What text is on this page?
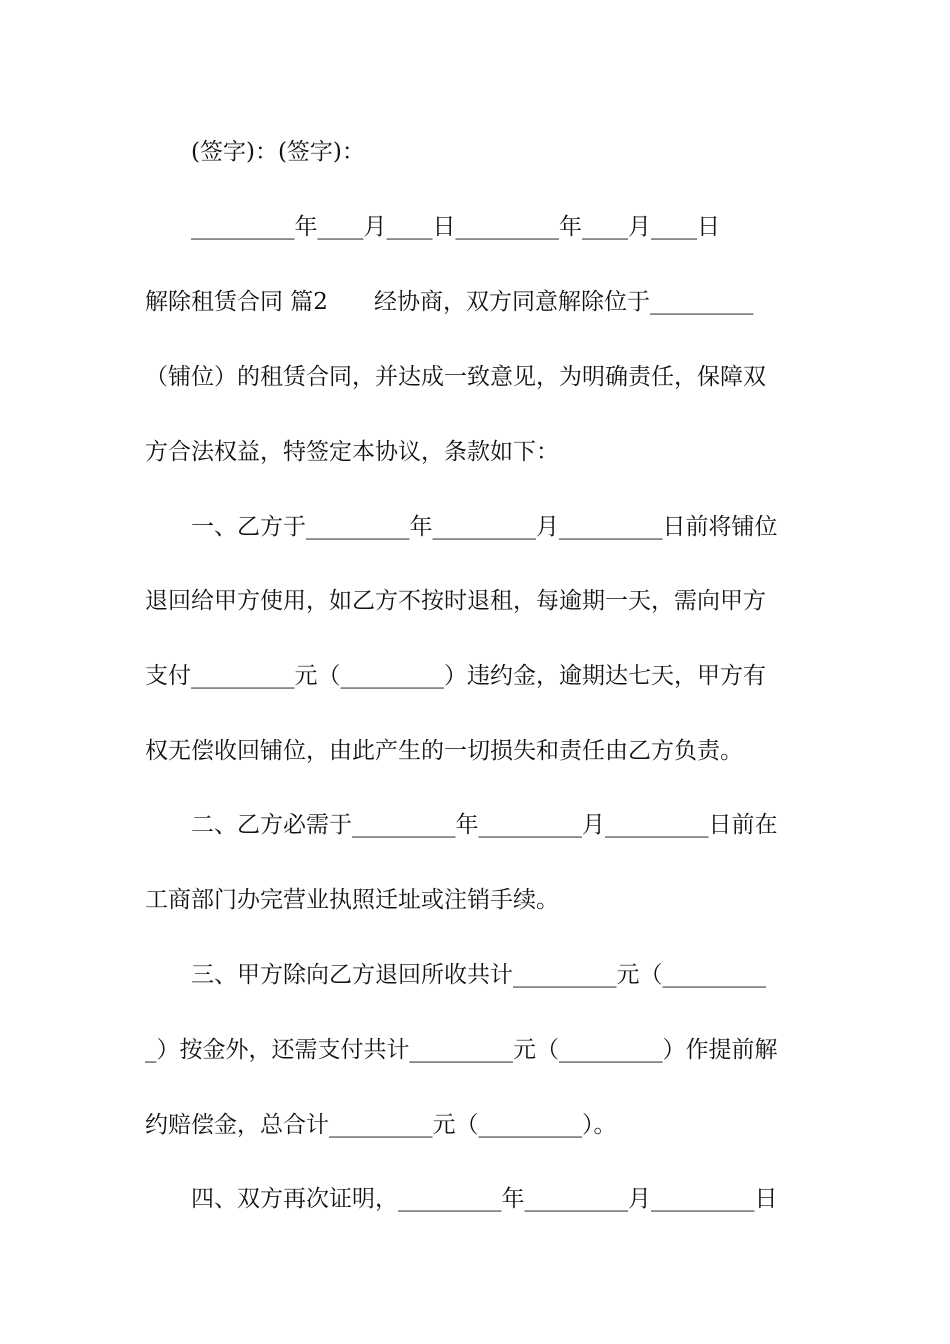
　　(签字)：(签字)：
　　_________年____月____日_________年____月____日
解除租赁合同 篇2　　经协商，双方同意解除位于_________
（铺位）的租赁合同，并达成一致意见，为明确责任，保障双
方合法权益，特签定本协议，条款如下：
　　一、乙方于_________年_________月_________日前将铺位
退回给甲方使用，如乙方不按时退租，每逾期一天，需向甲方
支付_________元（_________）违约金，逾期达七天，甲方有
权无偿收回铺位，由此产生的一切损失和责任由乙方负责。
　　二、乙方必需于_________年_________月_________日前在
工商部门办完营业执照迁址或注销手续。
　　三、甲方除向乙方退回所收共计_________元（_________
_）按金外，还需支付共计_________元（_________）作提前解
约赔偿金，总合计_________元（_________）。
　　四、双方再次证明，_________年_________月_________日
